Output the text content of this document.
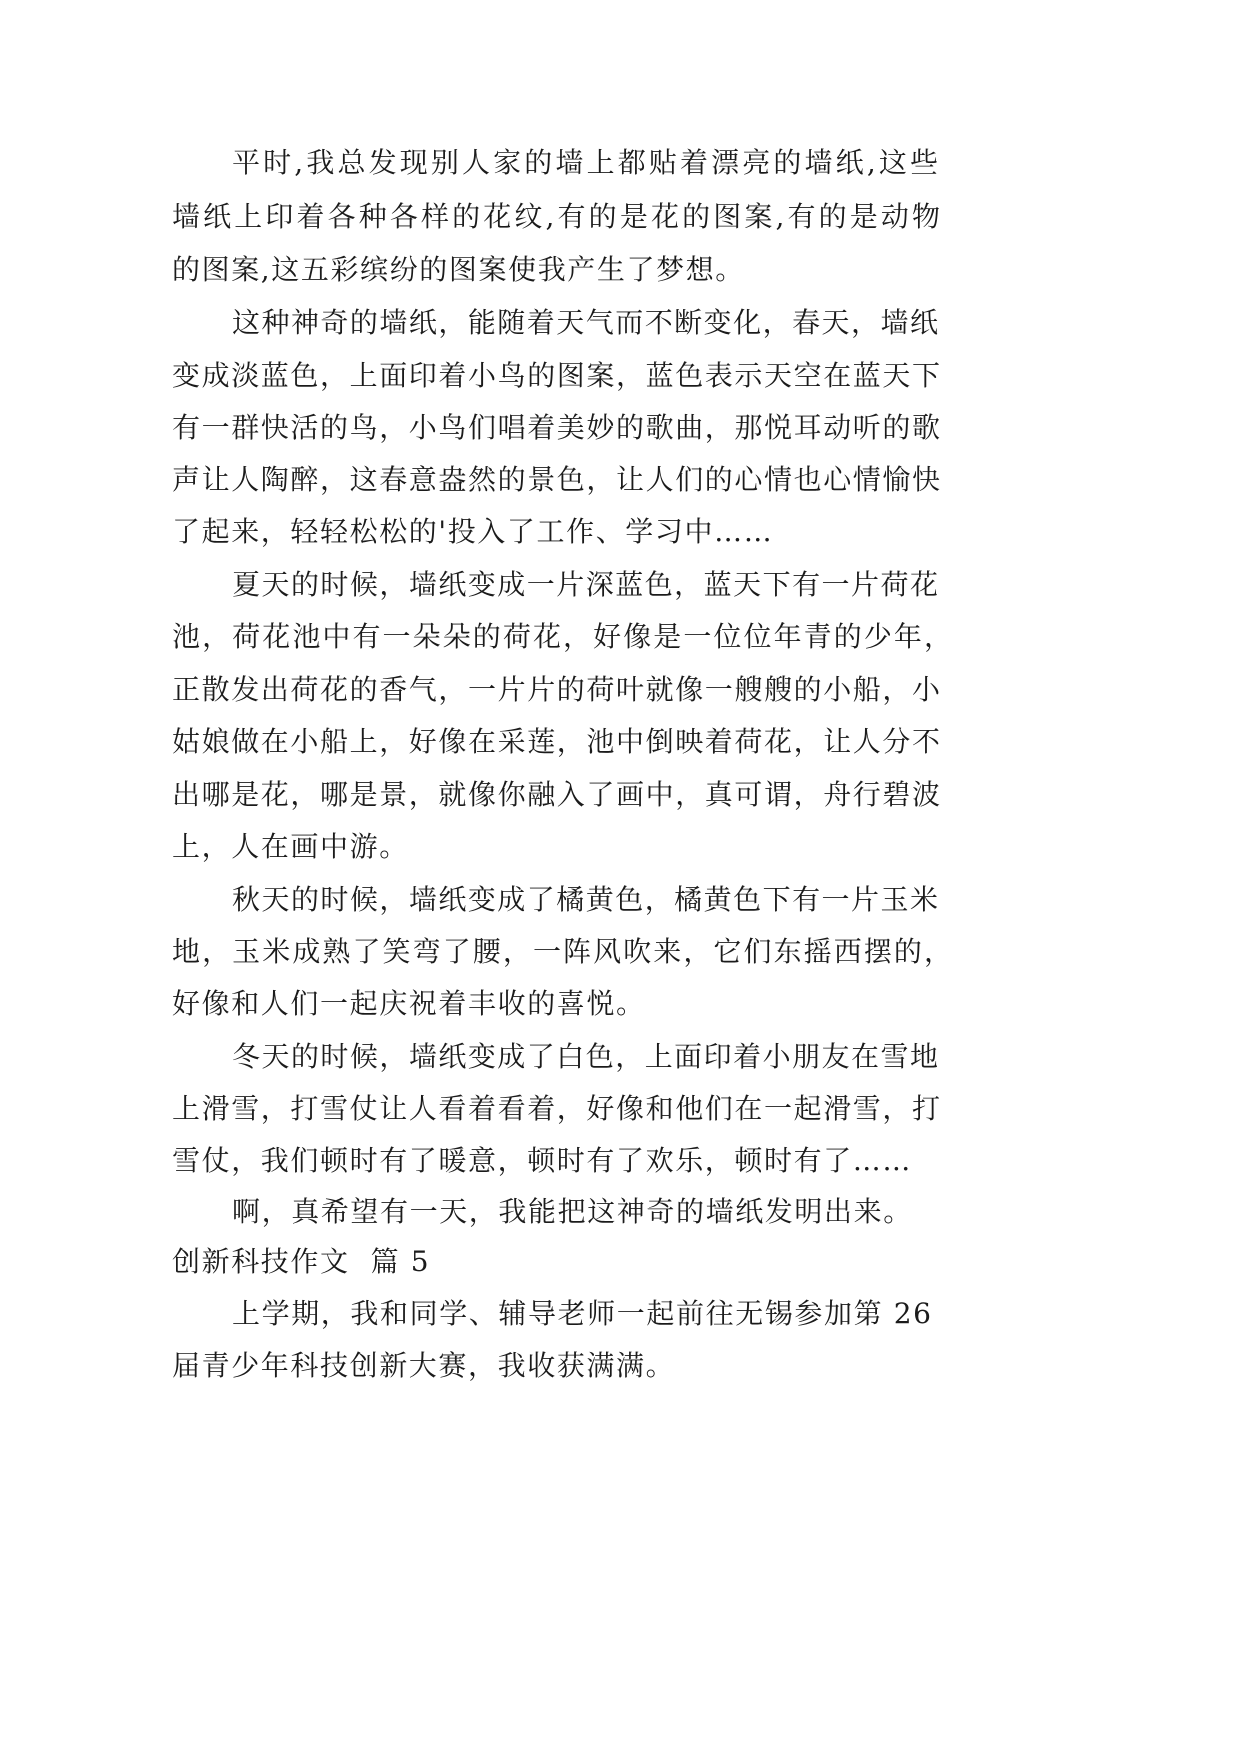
平时,我总发现别人家的墙上都贴着漂亮的墙纸,这些
墙纸上印着各种各样的花纹,有的是花的图案,有的是动物
的图案,这五彩缤纷的图案使我产生了梦想。
这种神奇的墙纸，能随着天气而不断变化，春天，墙纸
变成淡蓝色，上面印着小鸟的图案，蓝色表示天空在蓝天下
有一群快活的鸟，小鸟们唱着美妙的歌曲，那悦耳动听的歌
声让人陶醉，这春意盎然的景色，让人们的心情也心情愉快
了起来，轻轻松松的'投入了工作、学习中……
夏天的时候，墙纸变成一片深蓝色，蓝天下有一片荷花
池，荷花池中有一朵朵的荷花，好像是一位位年青的少年，
正散发出荷花的香气，一片片的荷叶就像一艘艘的小船，小
姑娘做在小船上，好像在采莲，池中倒映着荷花，让人分不
出哪是花，哪是景，就像你融入了画中，真可谓，舟行碧波
上，人在画中游。
秋天的时候，墙纸变成了橘黄色，橘黄色下有一片玉米
地，玉米成熟了笑弯了腰，一阵风吹来，它们东摇西摆的，
好像和人们一起庆祝着丰收的喜悦。
冬天的时候，墙纸变成了白色，上面印着小朋友在雪地
上滑雪，打雪仗让人看着看着，好像和他们在一起滑雪，打
雪仗，我们顿时有了暖意，顿时有了欢乐，顿时有了……
啊，真希望有一天，我能把这神奇的墙纸发明出来。
创新科技作文  篇 5
上学期，我和同学、辅导老师一起前往无锡参加第 26
届青少年科技创新大赛，我收获满满。
